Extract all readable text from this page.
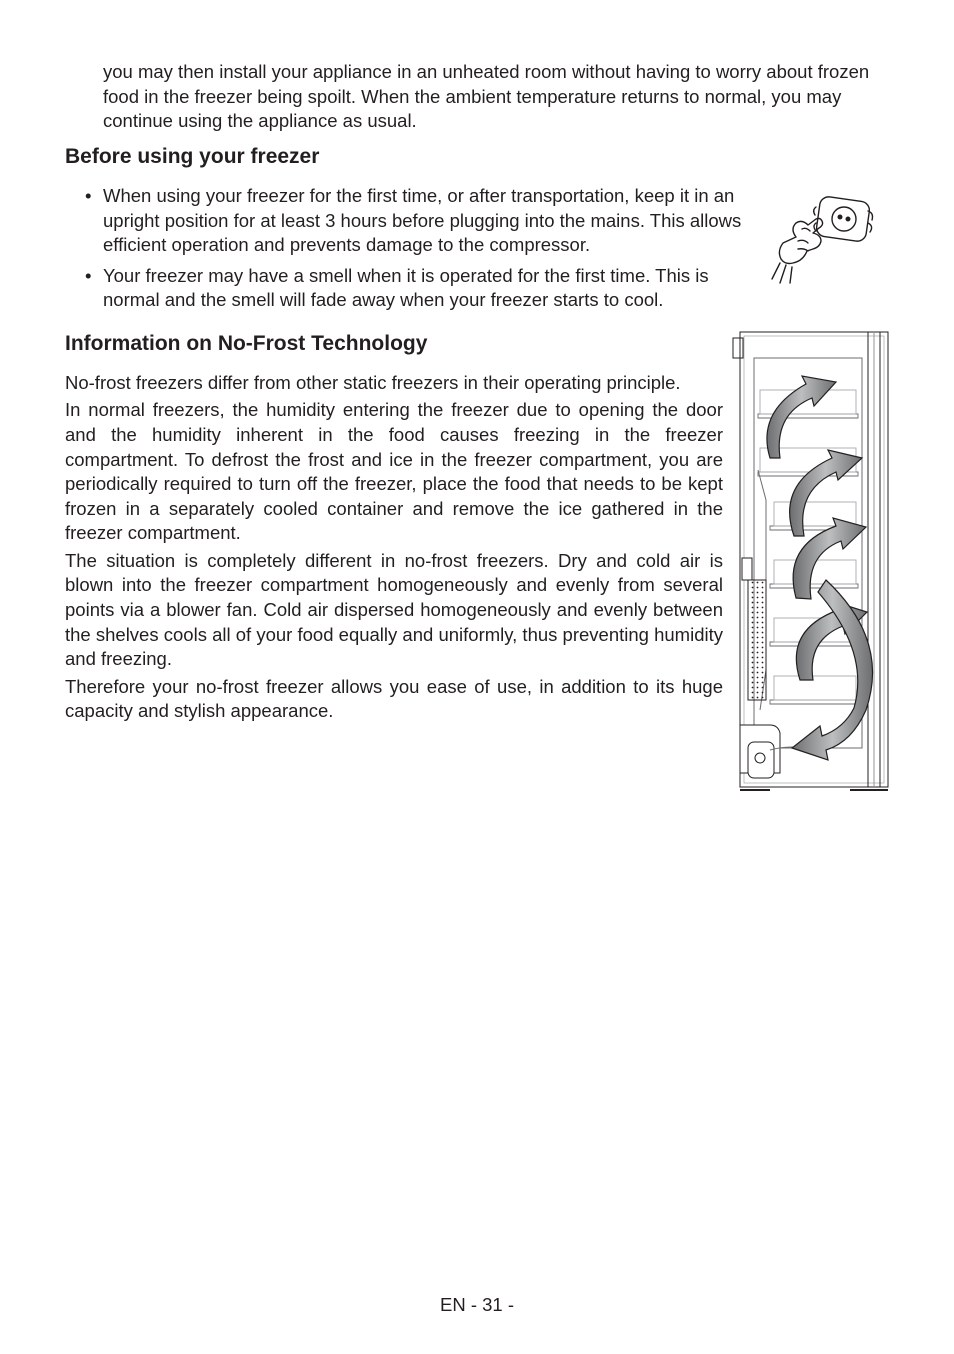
you may then install your appliance in an unheated room without having to worry about frozen food in the freezer being spoilt. When the ambient temperature returns to normal, you may continue using the appliance as usual.

Before using your freezer
• When using your freezer for the first time, or after transportation, keep it in an upright position for at least 3 hours before plugging into the mains. This allows efficient operation and prevents damage to the compressor.
• Your freezer may have a smell when it is operated for the first time. This is normal and the smell will fade away when your freezer starts to cool.
Information on No-Frost Technology

No-frost freezers differ from other static freezers in their operating principle.

In normal freezers, the humidity entering the freezer due to opening the door and the humidity inherent in the food causes freezing in the freezer compartment. To defrost the frost and ice in the freezer compartment, you are periodically required to turn off the freezer, place the food that needs to be kept frozen in a separately cooled container and remove the ice gathered in the freezer compartment.

The situation is completely different in no-frost freezers. Dry and cold air is blown into the freezer compartment homogeneously and evenly from several points via a blower fan. Cold air dispersed homogeneously and evenly between the shelves cools all of your food equally and uniformly, thus preventing humidity and freezing.

Therefore your no-frost freezer allows you ease of use, in addition to its huge capacity and stylish appearance.

EN - 31 -
